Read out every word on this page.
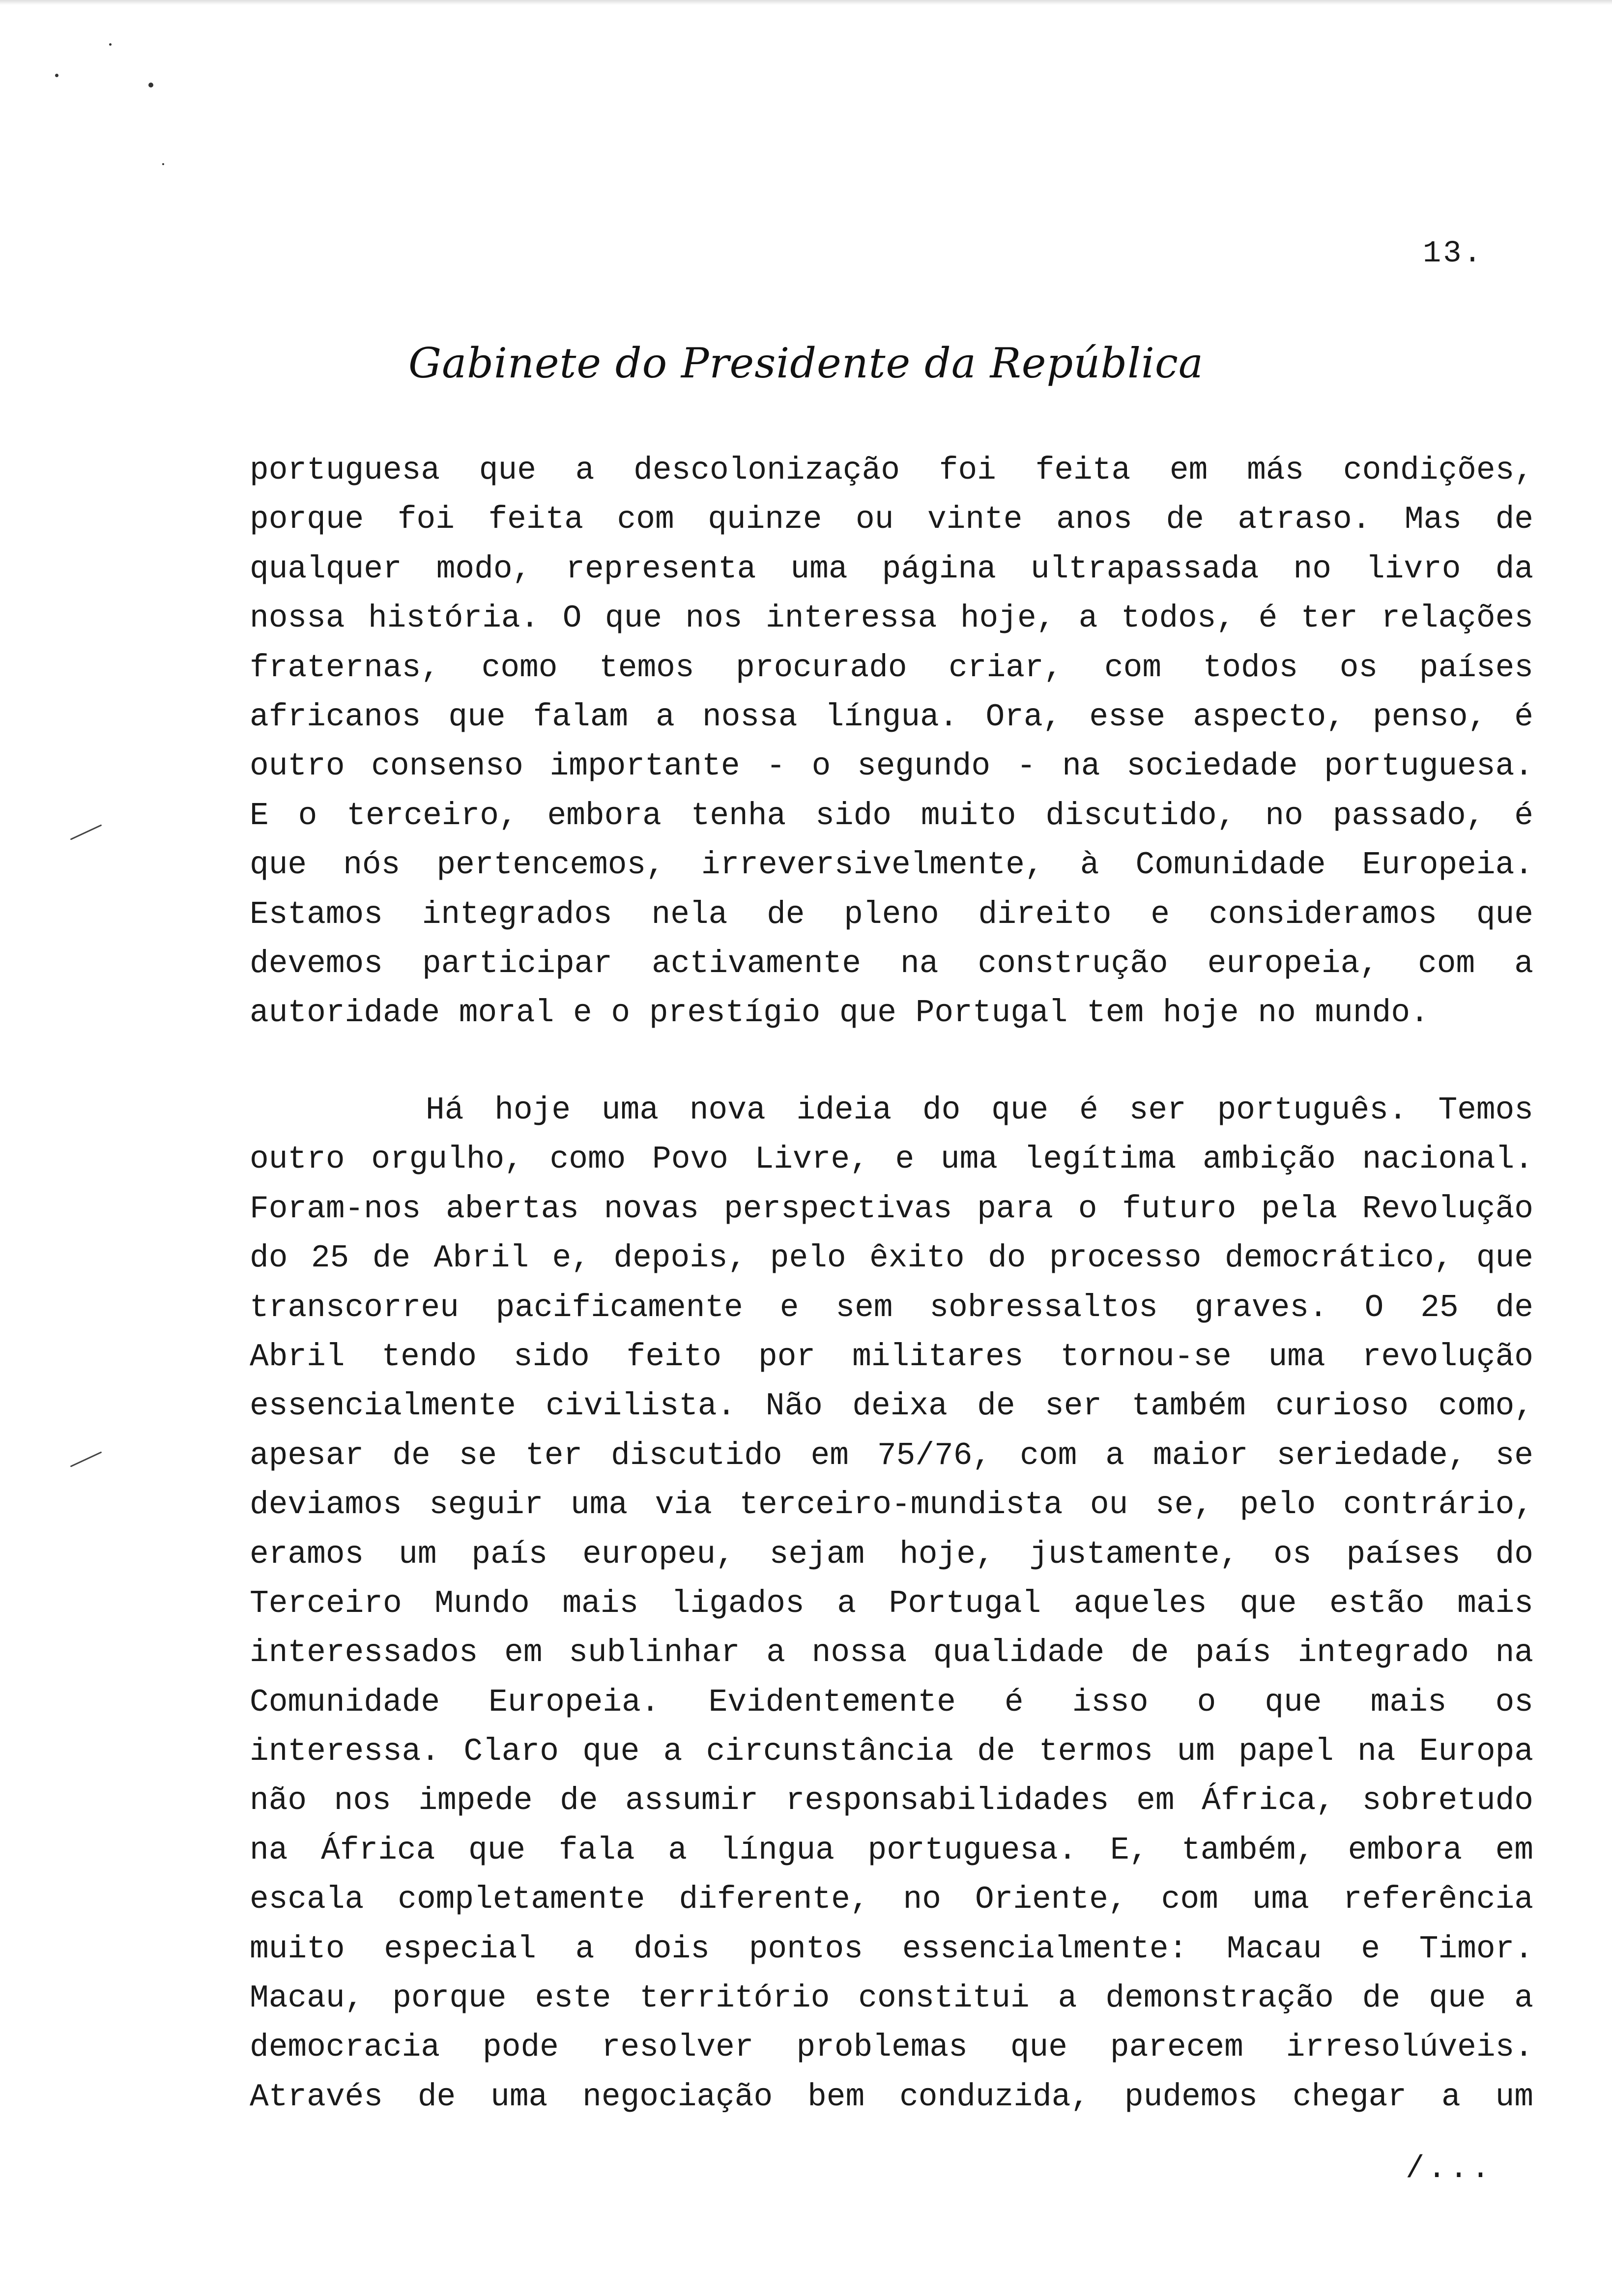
13.
Gabinete do Presidente da República
portuguesa que a descolonização foi feita em más condições,
porque foi feita com quinze ou vinte anos de atraso. Mas de
qualquer modo, representa uma página ultrapassada no livro da
nossa história. O que nos interessa hoje, a todos, é ter relações
fraternas, como temos procurado criar, com todos os países
africanos que falam a nossa língua. Ora, esse aspecto, penso, é
outro consenso importante - o segundo - na sociedade portuguesa.
E o terceiro, embora tenha sido muito discutido, no passado, é
que nós pertencemos, irreversivelmente, à Comunidade Europeia.
Estamos integrados nela de pleno direito e consideramos que
devemos participar activamente na construção europeia, com a
autoridade moral e o prestígio que Portugal tem hoje no mundo.
Há hoje uma nova ideia do que é ser português. Temos
outro orgulho, como Povo Livre, e uma legítima ambição nacional.
Foram-nos abertas novas perspectivas para o futuro pela Revolução
do 25 de Abril e, depois, pelo êxito do processo democrático, que
transcorreu pacificamente e sem sobressaltos graves. O 25 de
Abril tendo sido feito por militares tornou-se uma revolução
essencialmente civilista. Não deixa de ser também curioso como,
apesar de se ter discutido em 75/76, com a maior seriedade, se
deviamos seguir uma via terceiro-mundista ou se, pelo contrário,
eramos um país europeu, sejam hoje, justamente, os países do
Terceiro Mundo mais ligados a Portugal aqueles que estão mais
interessados em sublinhar a nossa qualidade de país integrado na
Comunidade Europeia. Evidentemente é isso o que mais os
interessa. Claro que a circunstância de termos um papel na Europa
não nos impede de assumir responsabilidades em África, sobretudo
na África que fala a língua portuguesa. E, também, embora em
escala completamente diferente, no Oriente, com uma referência
muito especial a dois pontos essencialmente: Macau e Timor.
Macau, porque este território constitui a demonstração de que a
democracia pode resolver problemas que parecem irresolúveis.
Através de uma negociação bem conduzida, pudemos chegar a um
/...
